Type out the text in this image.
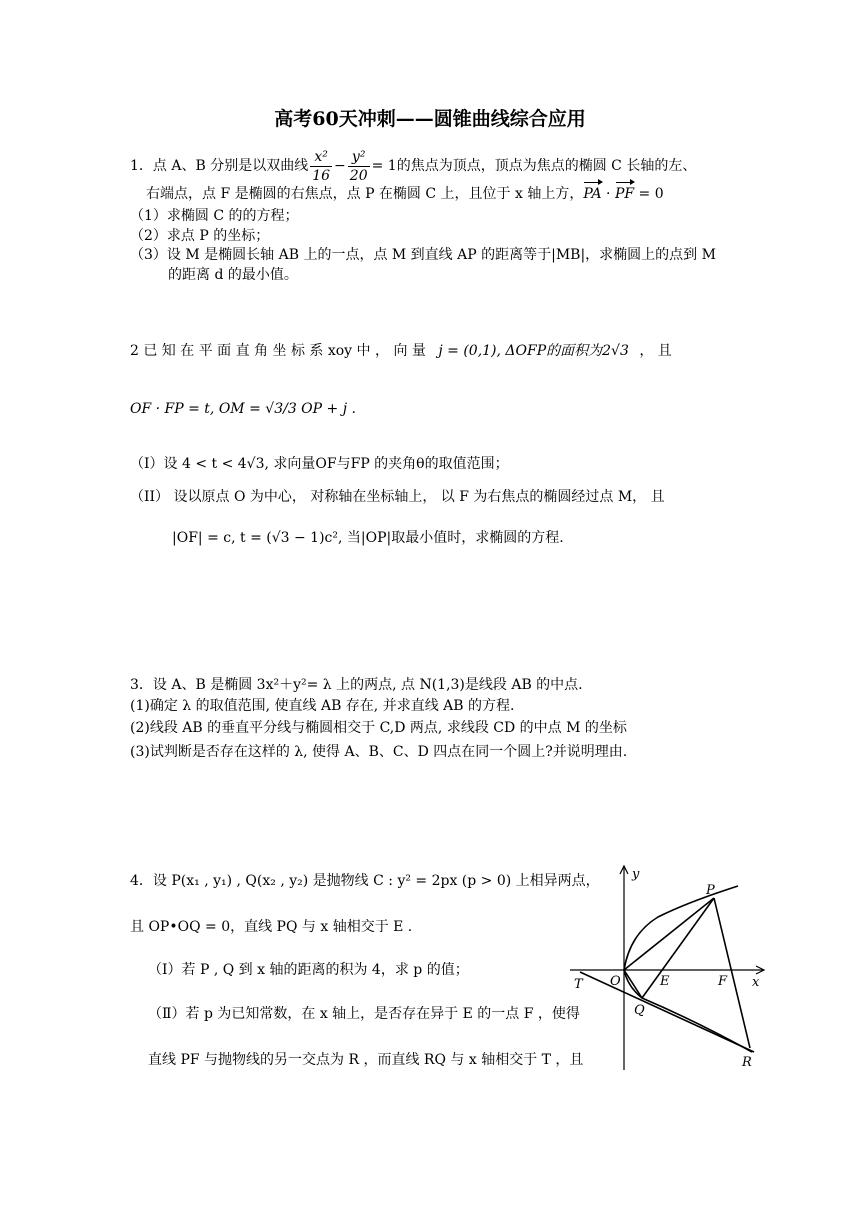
高考60天冲刺——圆锥曲线综合应用
1．点 A、B 分别是以双曲线 $\frac{\text{x²}}{16} - \frac{\text{y²}}{20} = 1$的焦点为顶点，顶点为焦点的椭圆 C 长轴的左、
右端点，点 F 是椭圆的右焦点，点 P 在椭圆 C 上，且位于 x 轴上方，PA · PF = 0
（1）求椭圆 C 的的方程；
（2）求点 P 的坐标；
（3）设 M 是椭圆长轴 AB 上的一点，点 M 到直线 AP 的距离等于|MB|，求椭圆上的点到 M
的距离 d 的最小值。
2 已 知 在 平 面 直 角 坐 标 系 xoy 中 ， 向 量 j = (0,1), ΔOFP的面积为2√3 ， 且
OF · FP = t, OM = √3/3 OP + j .
（I）设 4 < t < 4√3, 求向量OF与FP 的夹角θ的取值范围；
（II） 设以原点 O 为中心， 对称轴在坐标轴上， 以 F 为右焦点的椭圆经过点 M， 且
|OF| = c, t = (√3 − 1)c², 当|OP|取最小值时，求椭圆的方程.
3．设 A、B 是椭圆 3x²＋y²= λ 上的两点, 点 N(1,3)是线段 AB 的中点.
(1)确定 λ 的取值范围, 使直线 AB 存在, 并求直线 AB 的方程.
(2)线段 AB 的垂直平分线与椭圆相交于 C,D 两点, 求线段 CD 的中点 M 的坐标
(3)试判断是否存在这样的 λ, 使得 A、B、C、D 四点在同一个圆上?并说明理由.
4．设 P(x₁ , y₁) , Q(x₂ , y₂) 是抛物线 C : y² = 2px (p > 0) 上相异两点，
且 OP•OQ = 0，直线 PQ 与 x 轴相交于 E .
（Ⅰ）若 P , Q 到 x 轴的距离的积为 4，求 p 的值；
（Ⅱ）若 p 为已知常数，在 x 轴上，是否存在异于 E 的一点 F ，使得
直线 PF 与抛物线的另一交点为 R ，而直线 RQ 与 x 轴相交于 T ，且
y
x
P
O	E	F
T
Q
R
